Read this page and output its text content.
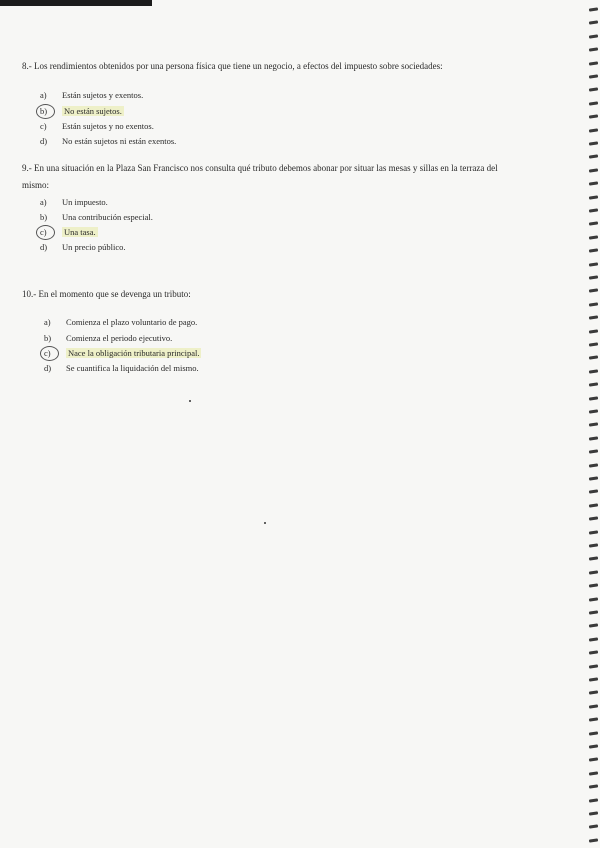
8.- Los rendimientos obtenidos por una persona física que tiene un negocio, a efectos del impuesto sobre sociedades:
a) Están sujetos y exentos.
b) No están sujetos.
c) Están sujetos y no exentos.
d) No están sujetos ni están exentos.
9.- En una situación en la Plaza San Francisco nos consulta qué tributo debemos abonar por situar las mesas y sillas en la terraza del
mismo:
a) Un impuesto.
b) Una contribución especial.
c) Una tasa.
d) Un precio público.
10.- En el momento que se devenga un tributo:
a) Comienza el plazo voluntario de pago.
b) Comienza el periodo ejecutivo.
c) Nace la obligación tributaria principal.
d) Se cuantifica la liquidación del mismo.
